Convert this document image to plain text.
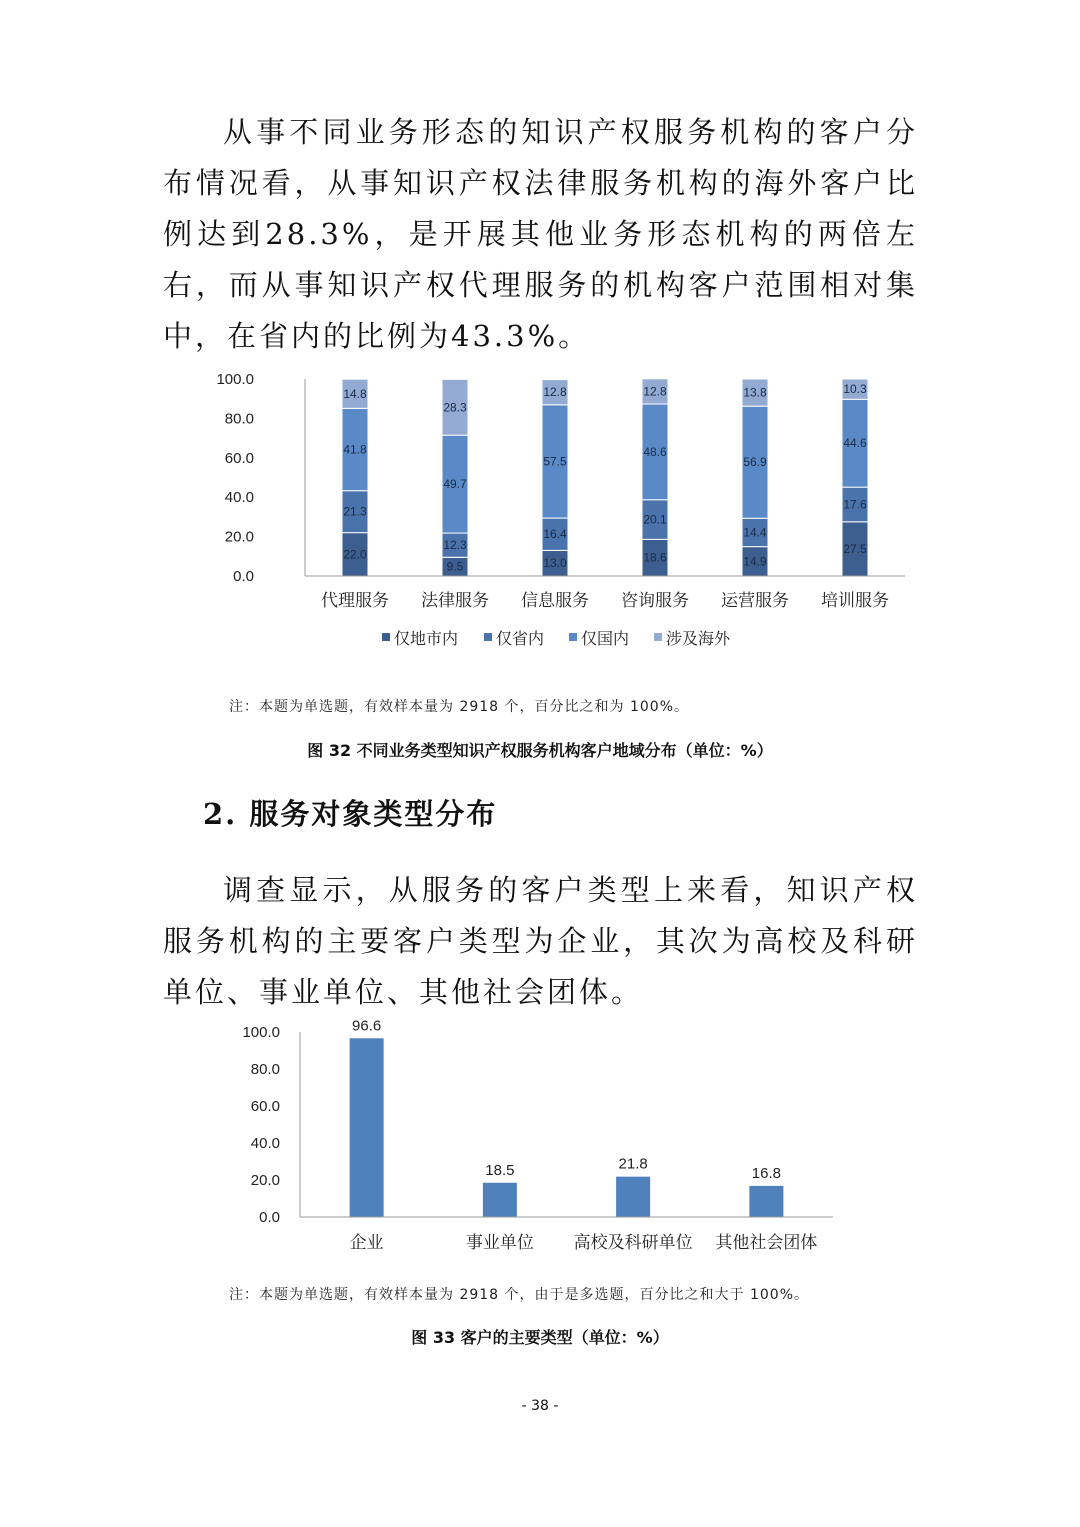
从事不同业务形态的知识产权服务机构的客户分布情况看，从事知识产权法律服务机构的海外客户比例达到28.3%，是开展其他业务形态机构的两倍左右，而从事知识产权代理服务的机构客户范围相对集中，在省内的比例为43.3%。

0.0
20.0
40.0
60.0
80.0
100.0
22.0
21.3
41.8
14.8
9.5
12.3
49.7
28.3
13.0
16.4
57.5
12.8
18.6
20.1
48.6
12.8
14.9
14.4
56.9
13.8
27.5
17.6
44.6
10.3
代理服务 法律服务 信息服务 咨询服务 运营服务 培训服务
仅地市内 仅省内 仅国内 涉及海外
注：本题为单选题，有效样本量为 2918 个，百分比之和为 100%。
图 32 不同业务类型知识产权服务机构客户地域分布（单位：%）
2. 服务对象类型分布

调查显示，从服务的客户类型上来看，知识产权服务机构的主要客户类型为企业，其次为高校及科研单位、事业单位、其他社会团体。

0.0
20.0
40.0
60.0
80.0
100.0	96.6
18.5	21.8
16.8
企业	事业单位 高校及科研单位 其他社会团体
注：本题为单选题，有效样本量为 2918 个，由于是多选题，百分比之和大于 100%。
图 33 客户的主要类型（单位：%）
- 38 -
